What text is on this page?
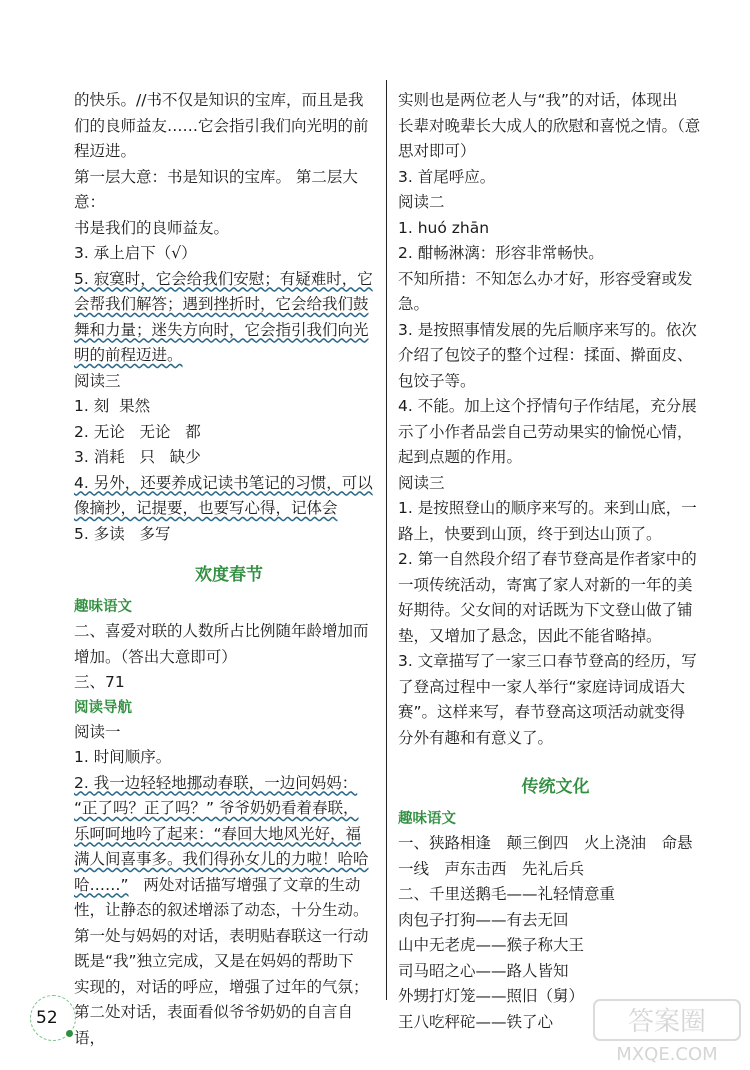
的快乐。//书不仅是知识的宝库，而且是我

们的良师益友……它会指引我们向光明的前

程迈进。

第一层大意：书是知识的宝库。 第二层大意：

书是我们的良师益友。

3. 承上启下（√）

5. 寂寞时，它会给我们安慰；有疑难时，它

会帮我们解答；遇到挫折时，它会给我们鼓

舞和力量；迷失方向时，它会指引我们向光

明的前程迈进。

阅读三

1. 刻 果然

2. 无论 无论 都

3. 消耗 只 缺少

4. 另外，还要养成记读书笔记的习惯，可以

像摘抄，记提要，也要写心得，记体会

5. 多读 多写

欢度春节
趣味语文

二、喜爱对联的人数所占比例随年龄增加而

增加。（答出大意即可）

三、71

阅读导航

阅读一

1. 时间顺序。

2. 我一边轻轻地挪动春联，一边问妈妈：

“正了吗？正了吗？” 爷爷奶奶看着春联，

乐呵呵地吟了起来：“春回大地风光好，福

满人间喜事多。我们得孙女儿的力啦！哈哈

哈……” 两处对话描写增强了文章的生动

性，让静态的叙述增添了动态，十分生动。

第一处与妈妈的对话，表明贴春联这一行动

既是“我”独立完成，又是在妈妈的帮助下

实现的，对话的呼应，增强了过年的气氛；

第二处对话，表面看似爷爷奶奶的自言自语，

实则也是两位老人与“我”的对话，体现出

长辈对晚辈长大成人的欣慰和喜悦之情。（意

思对即可）

3. 首尾呼应。

阅读二

1. huó zhān

2. 酣畅淋漓：形容非常畅快。

不知所措：不知怎么办才好，形容受窘或发急。

3. 是按照事情发展的先后顺序来写的。依次

介绍了包饺子的整个过程：揉面、擀面皮、

包饺子等。

4. 不能。加上这个抒情句子作结尾，充分展

示了小作者品尝自己劳动果实的愉悦心情，

起到点题的作用。

阅读三

1. 是按照登山的顺序来写的。来到山底，一

路上，快要到山顶，终于到达山顶了。

2. 第一自然段介绍了春节登高是作者家中的

一项传统活动，寄寓了家人对新的一年的美

好期待。父女间的对话既为下文登山做了铺

垫，又增加了悬念，因此不能省略掉。

3. 文章描写了一家三口春节登高的经历，写

了登高过程中一家人举行“家庭诗词成语大

赛”。这样来写，春节登高这项活动就变得

分外有趣和有意义了。

传统文化
趣味语文

一、狭路相逢　颠三倒四　火上浇油　命悬

一线　声东击西　先礼后兵

二、千里送鹅毛——礼轻情意重

肉包子打狗——有去无回

山中无老虎——猴子称大王

司马昭之心——路人皆知

外甥打灯笼——照旧（舅）

王八吃秤砣——铁了心

52	答案圈
MXQE.COM
